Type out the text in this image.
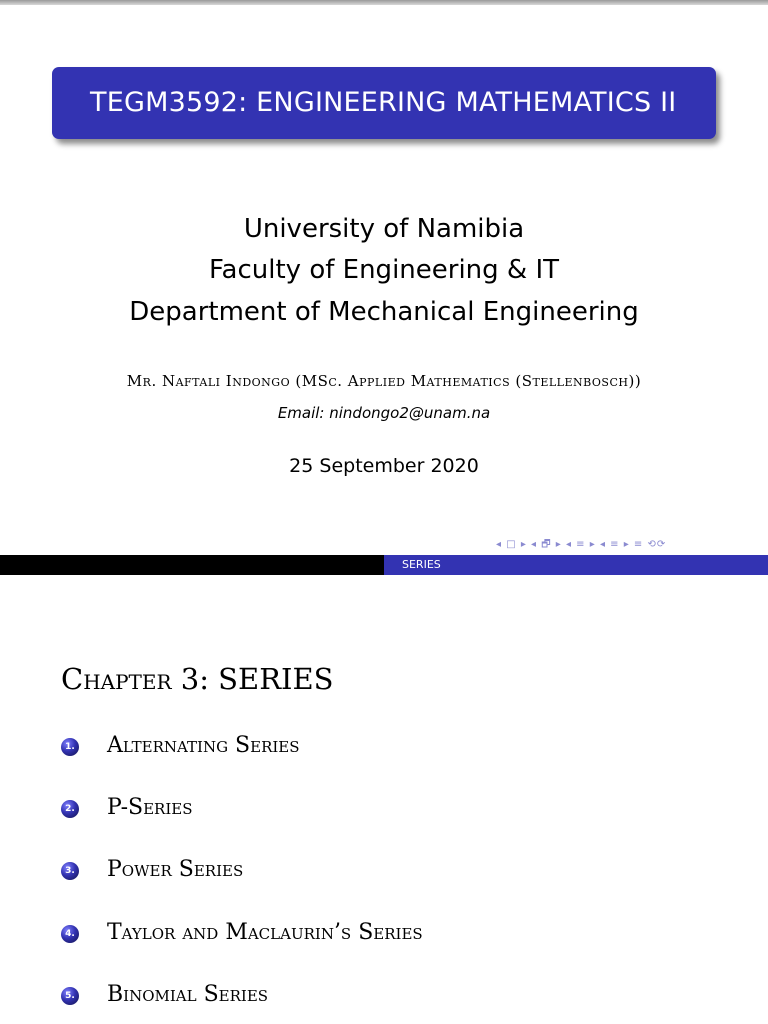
TEGM3592: ENGINEERING MATHEMATICS II
University of Namibia
Faculty of Engineering & IT
Department of Mechanical Engineering
Mr. Naftali Indongo (MSc. Applied Mathematics (Stellenbosch))
Email: nindongo2@unam.na
25 September 2020
◂ □ ▸ ◂ 🗗 ▸ ◂ ≡ ▸ ◂ ≡ ▸ ≡ ⟲⟳
SERIES
Chapter 3: SERIES
1. Alternating Series
2. P-Series
3. Power Series
4. Taylor and Maclaurin’s Series
5. Binomial Series
